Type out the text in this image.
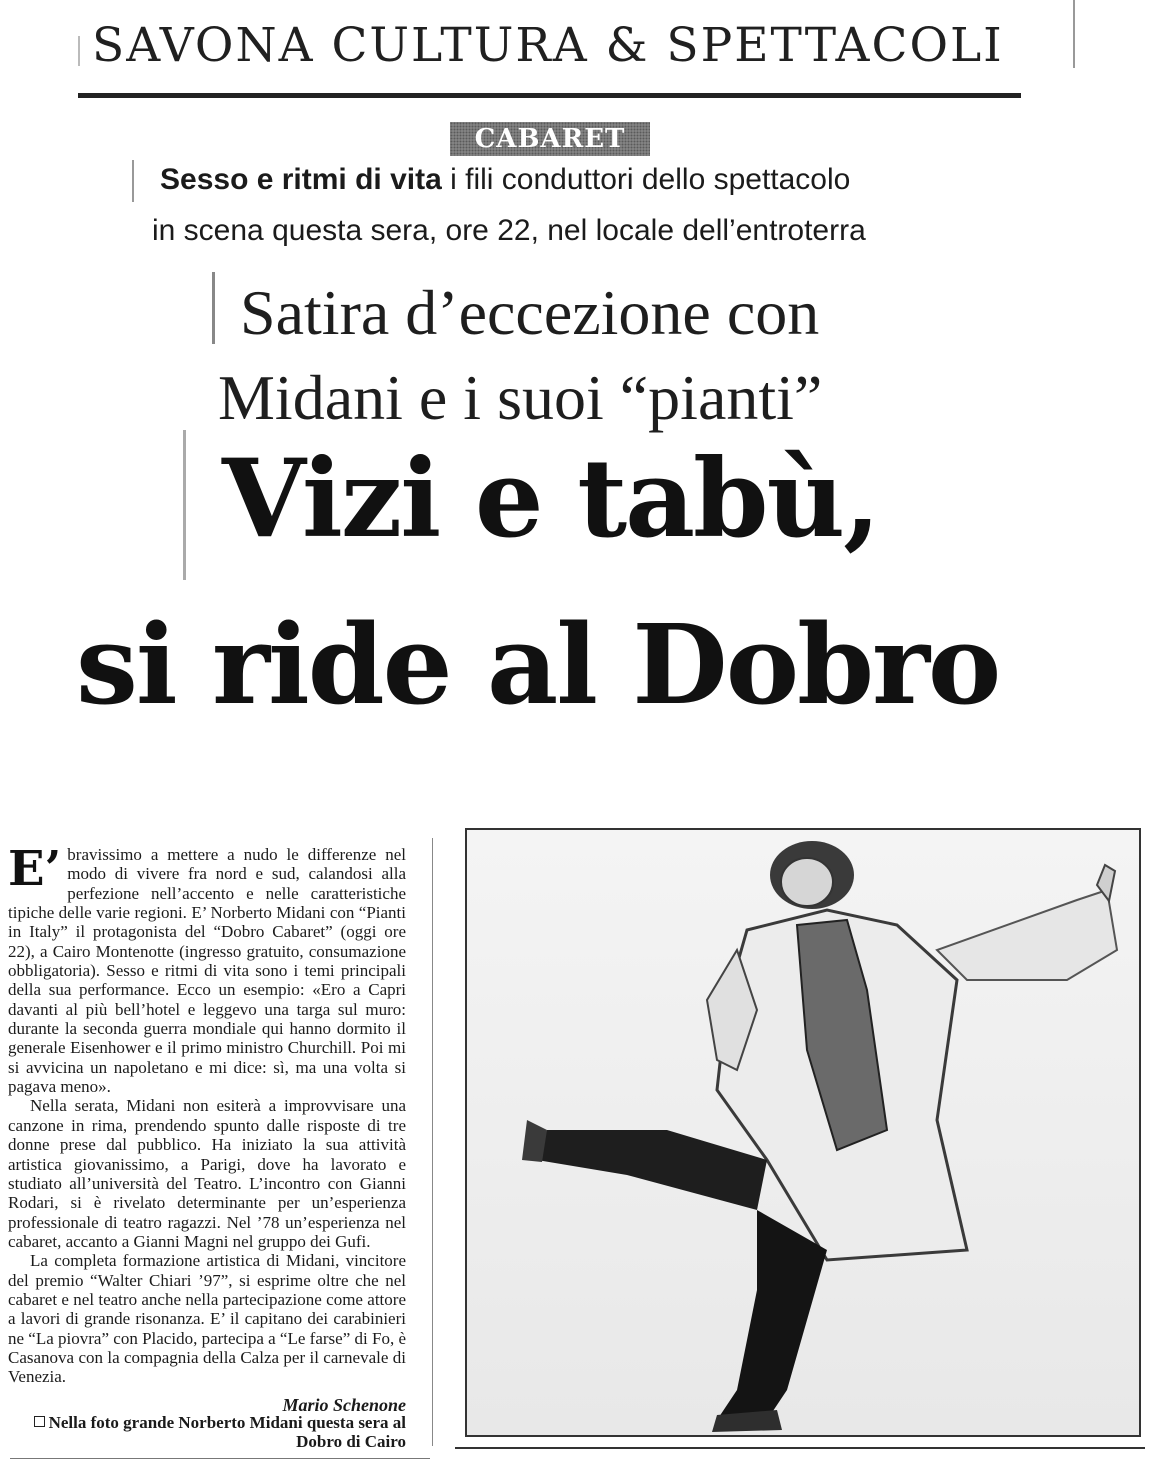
SAVONA CULTURA & SPETTACOLI
CABARET
Sesso e ritmi di vita i fili conduttori dello spettacolo
in scena questa sera, ore 22, nel locale dell’entroterra
Satira d’eccezione con
Midani e i suoi “pianti”
Vizi e tabù,
si ride al Dobro

E’ bravissimo a mettere a nudo le differenze nel modo di vivere fra nord e sud, calandosi alla perfezione nell’accento e nelle caratteristiche tipiche delle varie regioni. E’ Norberto Midani con “Pianti in Italy” il protagonista del “Dobro Cabaret” (oggi ore 22), a Cairo Montenotte (ingresso gratuito, consumazione obbligatoria). Sesso e ritmi di vita sono i temi principali della sua performance. Ecco un esempio: «Ero a Capri davanti al più bell’hotel e leggevo una targa sul muro: durante la seconda guerra mondiale qui hanno dormito il generale Eisenhower e il primo ministro Churchill. Poi mi si avvicina un napoletano e mi dice: sì, ma una volta si pagava meno».

Nella serata, Midani non esiterà a improvvisare una canzone in rima, prendendo spunto dalle risposte di tre donne prese dal pubblico. Ha iniziato la sua attività artistica giovanissimo, a Parigi, dove ha lavorato e studiato all’università del Teatro. L’incontro con Gianni Rodari, si è rivelato determinante per un’esperienza professionale di teatro ragazzi. Nel ’78 un’esperienza nel cabaret, accanto a Gianni Magni nel gruppo dei Gufi.

La completa formazione artistica di Midani, vincitore del premio “Walter Chiari ’97”, si esprime oltre che nel cabaret e nel teatro anche nella partecipazione come attore a lavori di grande risonanza. E’ il capitano dei carabinieri ne “La piovra” con Placido, partecipa a “Le farse” di Fo, è Casanova con la compagnia della Calza per il carnevale di Venezia.

Mario Schenone
Nella foto grande Norberto Midani questa sera al Dobro di Cairo
